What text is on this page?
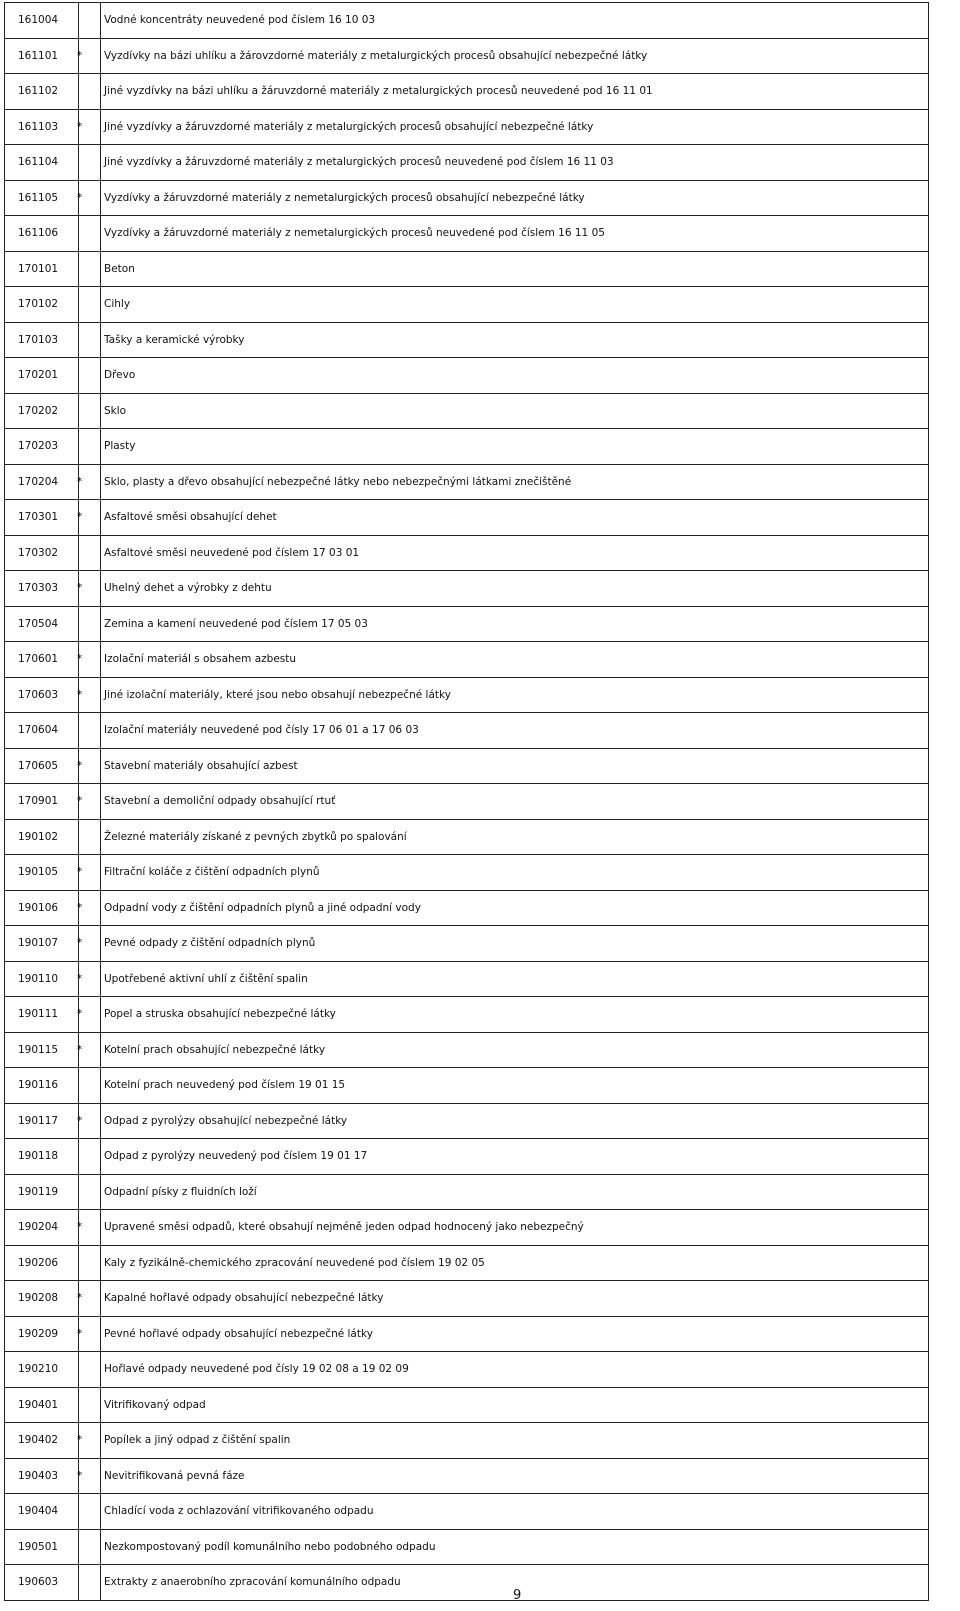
161004		Vodné koncentráty neuvedené pod číslem 16 10 03
161101	*	Vyzdívky na bázi uhlíku a žárovzdorné materiály z metalurgických procesů obsahující nebezpečné látky
161102		Jiné vyzdívky na bázi uhlíku a žáruvzdorné materiály z metalurgických procesů neuvedené pod 16 11 01
161103	*	Jiné vyzdívky a žáruvzdorné materiály z metalurgických procesů obsahující nebezpečné látky
161104		Jiné vyzdívky a žáruvzdorné materiály z metalurgických procesů neuvedené pod číslem 16 11 03
161105	*	Vyzdívky a žáruvzdorné materiály z nemetalurgických procesů obsahující nebezpečné látky
161106		Vyzdívky a žáruvzdorné materiály z nemetalurgických procesů neuvedené pod číslem 16 11 05
170101		Beton
170102		Cihly
170103		Tašky a keramické výrobky
170201		Dřevo
170202		Sklo
170203		Plasty
170204	*	Sklo, plasty a dřevo obsahující nebezpečné látky nebo nebezpečnými látkami znečištěné
170301	*	Asfaltové směsi obsahující dehet
170302		Asfaltové směsi neuvedené pod číslem 17 03 01
170303	*	Uhelný dehet a výrobky z dehtu
170504		Zemina a kamení neuvedené pod číslem 17 05 03
170601	*	Izolační materiál s obsahem azbestu
170603	*	Jiné izolační materiály, které jsou nebo obsahují nebezpečné látky
170604		Izolační materiály neuvedené pod čísly 17 06 01 a 17 06 03
170605	*	Stavební materiály obsahující azbest
170901	*	Stavební a demoliční odpady obsahující rtuť
190102		Železné materiály získané z pevných zbytků po spalování
190105	*	Filtrační koláče z čištění odpadních plynů
190106	*	Odpadní vody z čištění odpadních plynů a jiné odpadní vody
190107	*	Pevné odpady z čištění odpadních plynů
190110	*	Upotřebené aktivní uhlí z čištění spalin
190111	*	Popel a struska obsahující nebezpečné látky
190115	*	Kotelní prach obsahující nebezpečné látky
190116		Kotelní prach neuvedený pod číslem 19 01 15
190117	*	Odpad z pyrolýzy obsahující nebezpečné látky
190118		Odpad z pyrolýzy neuvedený pod číslem 19 01 17
190119		Odpadní písky z fluidních loží
190204	*	Upravené směsi odpadů, které obsahují nejméně jeden odpad hodnocený jako nebezpečný
190206		Kaly z fyzikálně-chemického zpracování neuvedené pod číslem 19 02 05
190208	*	Kapalné hořlavé odpady obsahující nebezpečné látky
190209	*	Pevné hořlavé odpady obsahující nebezpečné látky
190210		Hořlavé odpady neuvedené pod čísly 19 02 08 a 19 02 09
190401		Vitrifikovaný odpad
190402	*	Popílek a jiný odpad z čištění spalin
190403	*	Nevitrifikovaná pevná fáze
190404		Chladící voda z ochlazování vitrifikovaného odpadu
190501		Nezkompostovaný podíl komunálního nebo podobného odpadu
190603		Extrakty z anaerobního zpracování komunálního odpadu
9
